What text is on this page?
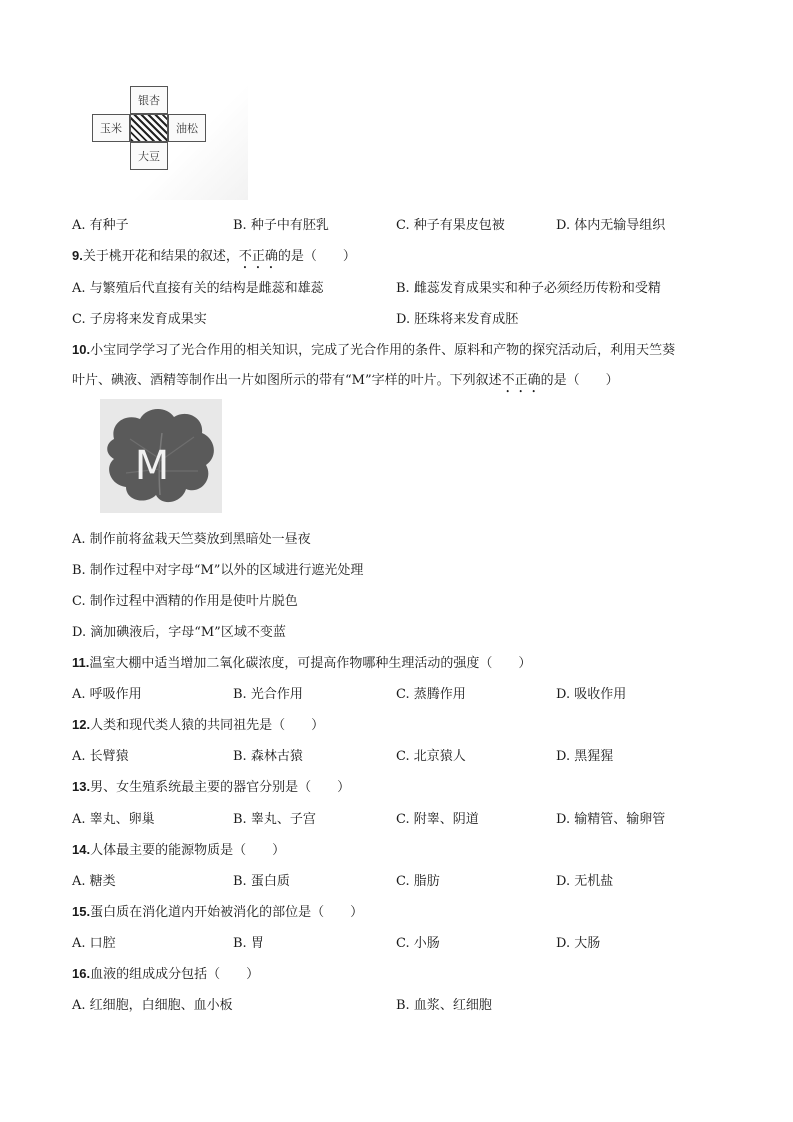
银杏
玉米	油松
大豆
A. 有种子	B. 种子中有胚乳	C. 种子有果皮包被	D. 体内无输导组织
9.关于桃开花和结果的叙述，不正确的是（　　）
A. 与繁殖后代直接有关的结构是雌蕊和雄蕊	B. 雌蕊发育成果实和种子必须经历传粉和受精
C. 子房将来发育成果实	D. 胚珠将来发育成胚
10.小宝同学学习了光合作用的相关知识，完成了光合作用的条件、原料和产物的探究活动后，利用天竺葵
叶片、碘液、酒精等制作出一片如图所示的带有“M”字样的叶片。下列叙述不正确的是（　　）
M
A. 制作前将盆栽天竺葵放到黑暗处一昼夜
B. 制作过程中对字母“M”以外的区域进行遮光处理
C. 制作过程中酒精的作用是使叶片脱色
D. 滴加碘液后，字母“M”区域不变蓝
11.温室大棚中适当增加二氧化碳浓度，可提高作物哪种生理活动的强度（　　）
A. 呼吸作用	B. 光合作用	C. 蒸腾作用	D. 吸收作用
12.人类和现代类人猿的共同祖先是（　　）
A. 长臂猿	B. 森林古猿	C. 北京猿人	D. 黑猩猩
13.男、女生殖系统最主要的器官分别是（　　）
A. 睾丸、卵巢	B. 睾丸、子宫	C. 附睾、阴道	D. 输精管、输卵管
14.人体最主要的能源物质是（　　）
A. 糖类	B. 蛋白质	C. 脂肪	D. 无机盐
15.蛋白质在消化道内开始被消化的部位是（　　）
A. 口腔	B. 胃	C. 小肠	D. 大肠
16.血液的组成成分包括（　　）
A. 红细胞，白细胞、血小板	B. 血浆、红细胞
